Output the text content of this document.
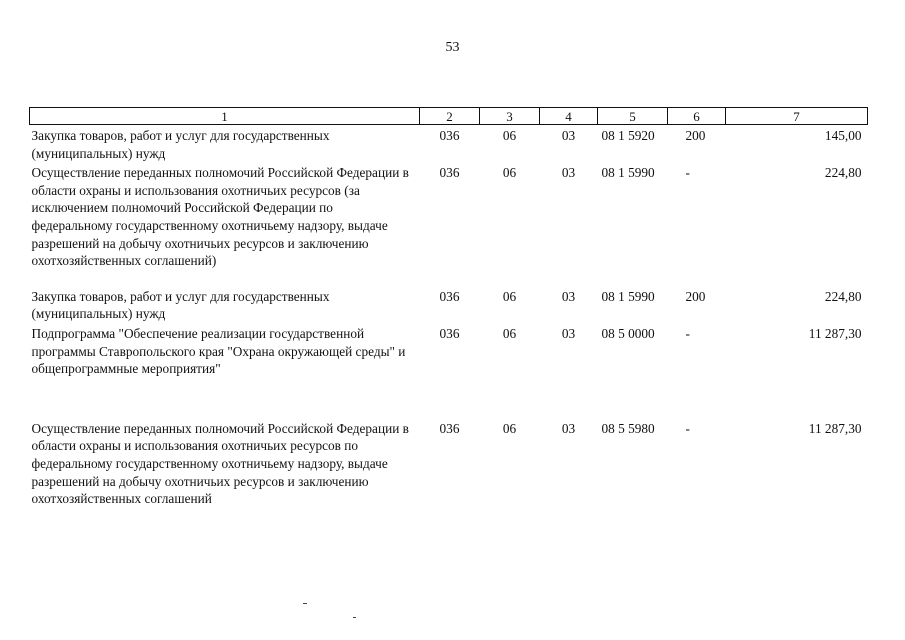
53
1	2	3	4	5	6	7
Закупка товаров, работ и услуг для государственных (муниципальных) нужд	036	06	03	08 1 5920	200	145,00
Осуществление переданных полномочий Российской Федерации в области охраны и использования охотничьих ресурсов (за исключением полномочий Российской Федерации по федеральному государственному охотничьему надзору, выдаче разрешений на добычу охотничьих ресурсов и заключению охотхозяйственных соглашений)	036	06	03	08 1 5990	-	224,80
Закупка товаров, работ и услуг для государственных (муниципальных) нужд	036	06	03	08 1 5990	200	224,80
Подпрограмма "Обеспечение реализации государственной программы Ставропольского края "Охрана окружающей среды" и общепрограммные мероприятия"	036	06	03	08 5 0000	-	11 287,30
Осуществление переданных полномочий Российской Федерации в области охраны и использования охотничьих ресурсов по федеральному государственному охотничьему надзору, выдаче разрешений на добычу охотничьих ресурсов и заключению охотхозяйственных соглашений	036	06	03	08 5 5980	-	11 287,30
